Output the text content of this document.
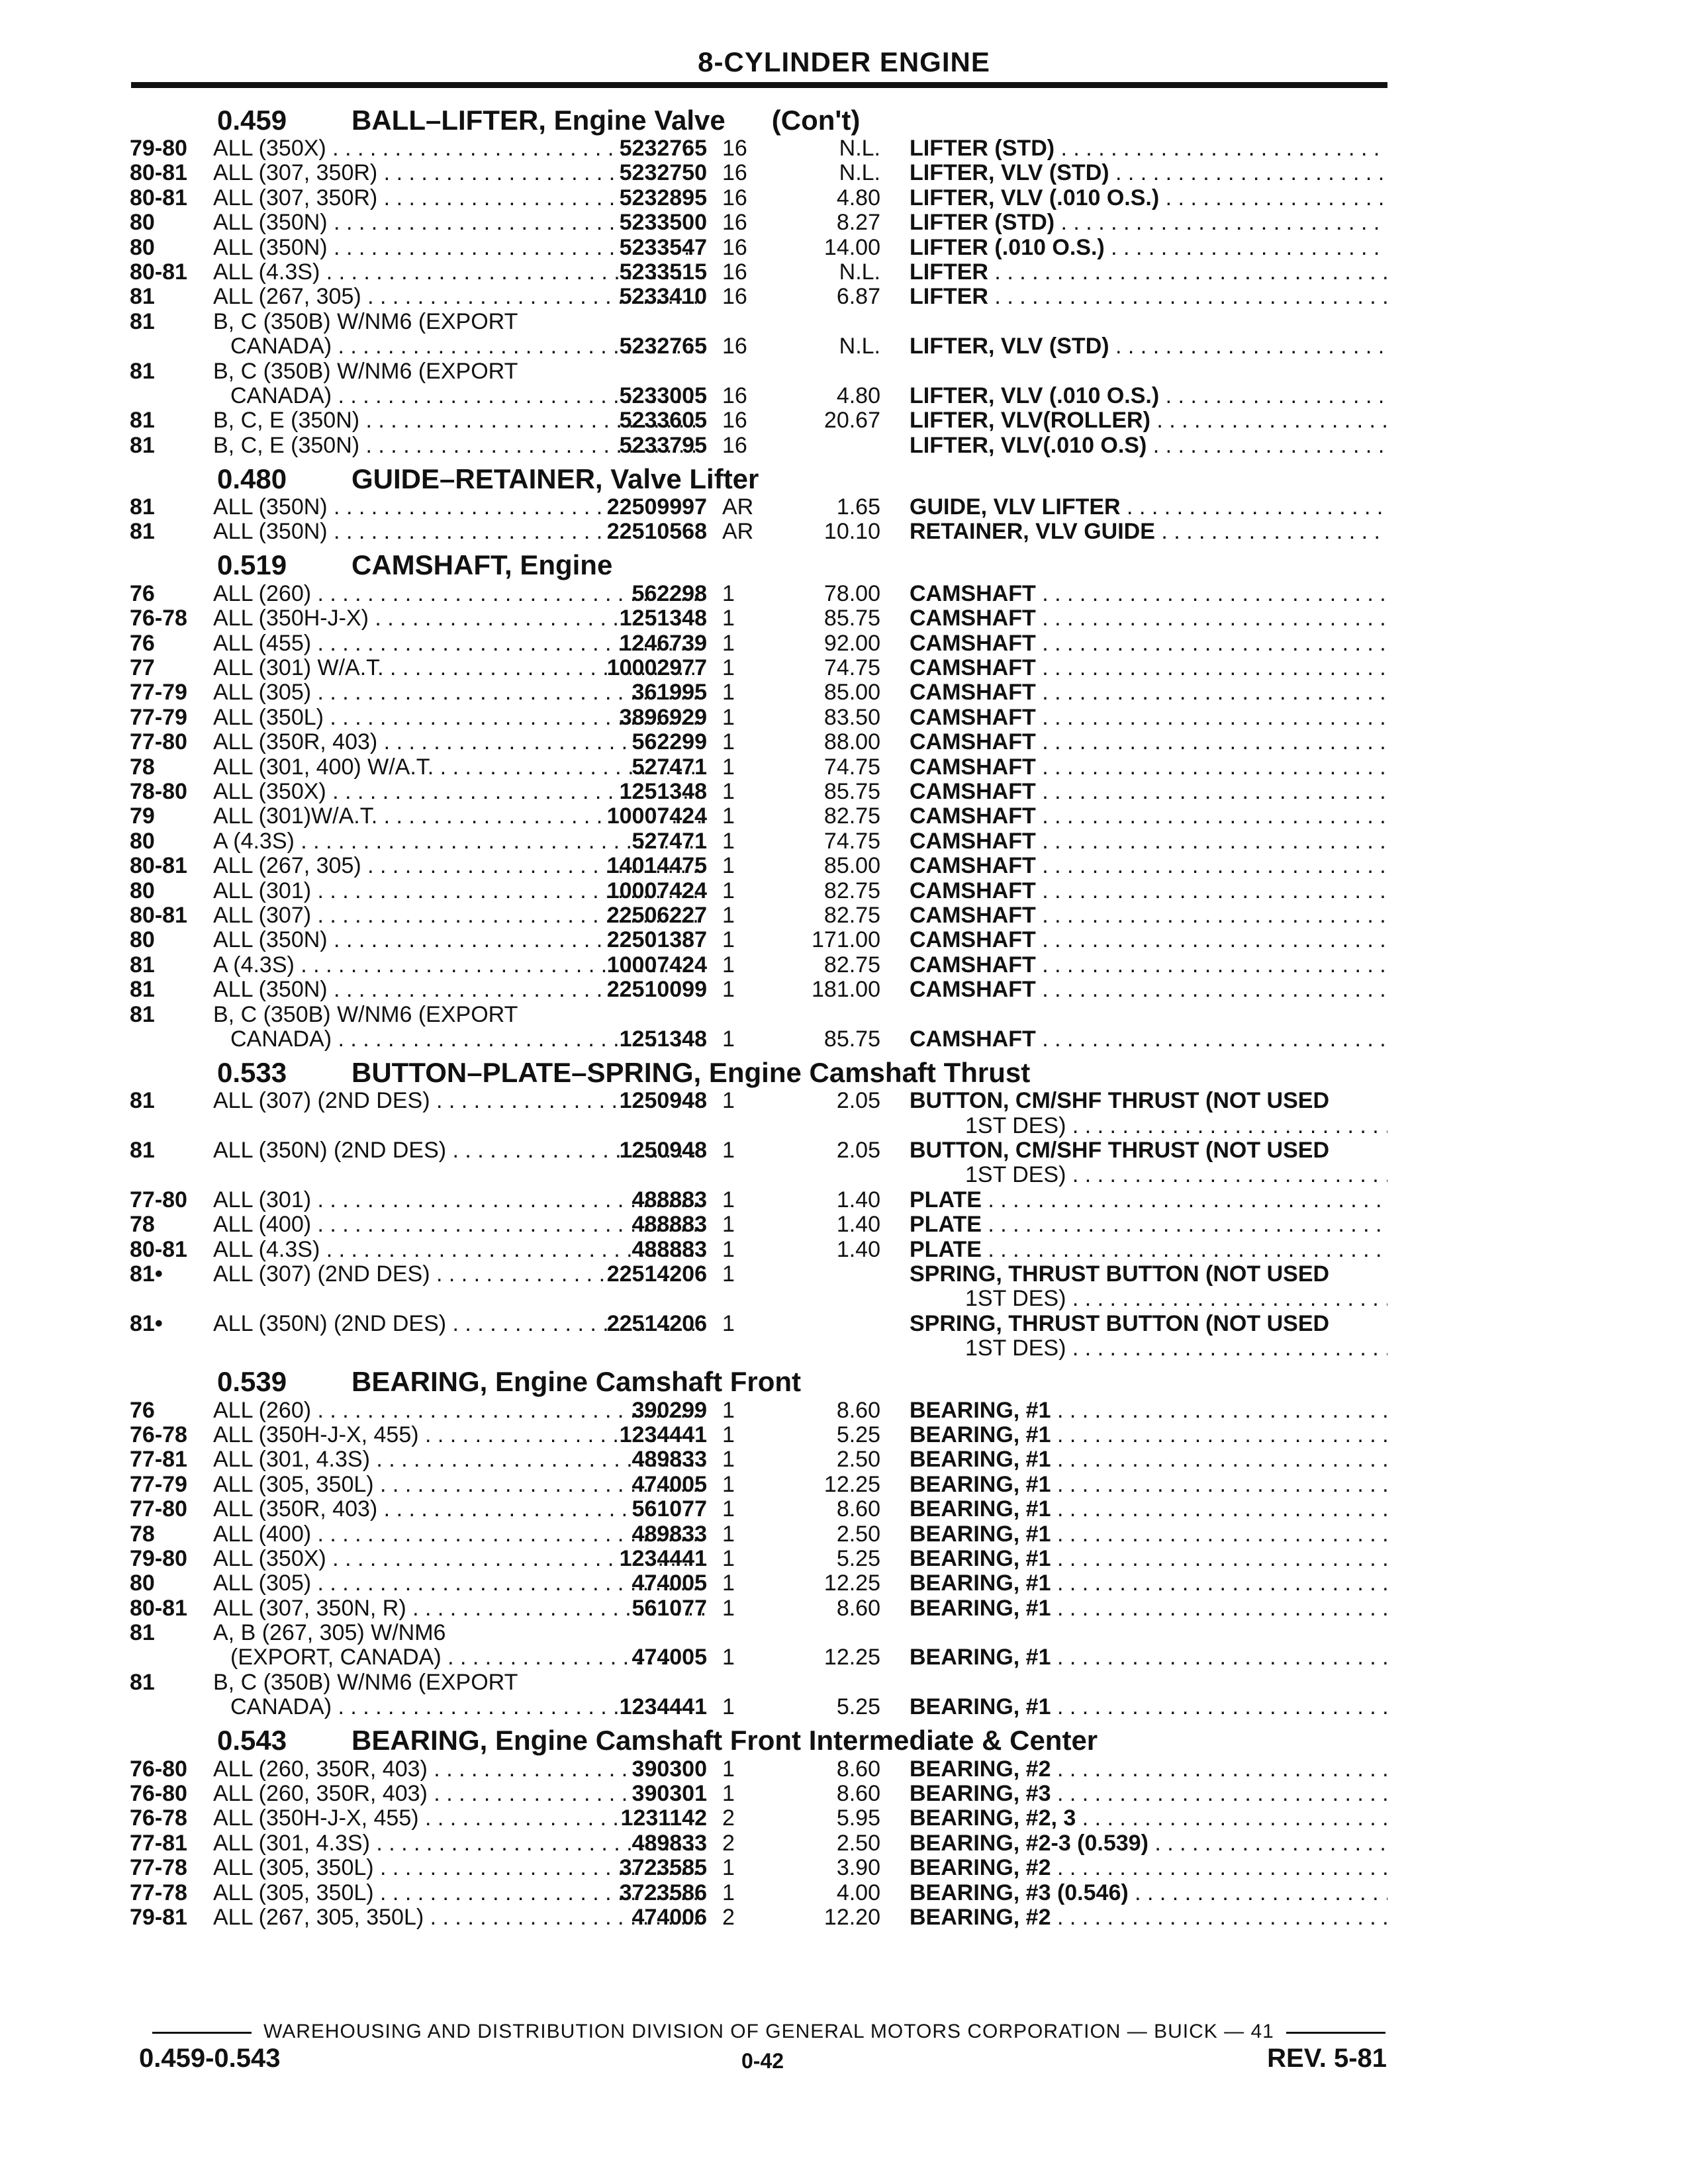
8-CYLINDER ENGINE
0.459 BALL–LIFTER, Engine Valve (Con't)
79-80 ALL (350X) . . .	5232765 16	N.L. LIFTER (STD) . . .
80-81 ALL (307, 350R) . . .	5232750 16	N.L. LIFTER, VLV (STD) . . .
80-81 ALL (307, 350R) . . .	5232895 16	4.80 LIFTER, VLV (.010 O.S.) . . .
80	ALL (350N) . . .	5233500 16	8.27 LIFTER (STD) . . .
80	ALL (350N) . . .	5233547 16	14.00 LIFTER (.010 O.S.) . . .
80-81 ALL (4.3S) . . .	5233515 16	N.L. LIFTER . . .
81	ALL (267, 305) . . .	5233410 16	6.87 LIFTER . . .
81	B, C (350B) W/NM6 (EXPORT
CANADA) . . .	5232765 16	N.L. LIFTER, VLV (STD) . . .
81	B, C (350B) W/NM6 (EXPORT
CANADA) . . .	5233005 16	4.80 LIFTER, VLV (.010 O.S.) . . .
81	B, C, E (350N) . . .	5233605 16	20.67 LIFTER, VLV(ROLLER) . . .
81	B, C, E (350N) . . .	5233795 16	LIFTER, VLV(.010 O.S) . . .
0.480 GUIDE–RETAINER, Valve Lifter
81	ALL (350N) . . .	22509997 AR	1.65 GUIDE, VLV LIFTER . . .
81	ALL (350N) . . .	22510568 AR	10.10 RETAINER, VLV GUIDE . . .
0.519 CAMSHAFT, Engine
76	ALL (260) . . .	562298 1	78.00 CAMSHAFT . . .
76-78 ALL (350H-J-X) . . .	1251348 1	85.75 CAMSHAFT . . .
76	ALL (455) . . .	1246739 1	92.00 CAMSHAFT . . .
77	ALL (301) W/A.T. . . .	10002977 1	74.75 CAMSHAFT . . .
77-79 ALL (305) . . .	361995 1	85.00 CAMSHAFT . . .
77-79 ALL (350L) . . .	3896929 1	83.50 CAMSHAFT . . .
77-80 ALL (350R, 403) . . .	562299 1	88.00 CAMSHAFT . . .
78	ALL (301, 400) W/A.T. . . .	527471 1	74.75 CAMSHAFT . . .
78-80 ALL (350X) . . .	1251348 1	85.75 CAMSHAFT . . .
79	ALL (301)W/A.T. . . .	10007424 1	82.75 CAMSHAFT . . .
80	A (4.3S) . . .	527471 1	74.75 CAMSHAFT . . .
80-81 ALL (267, 305) . . .	14014475 1	85.00 CAMSHAFT . . .
80	ALL (301) . . .	10007424 1	82.75 CAMSHAFT . . .
80-81 ALL (307) . . .	22506227 1	82.75 CAMSHAFT . . .
80	ALL (350N) . . .	22501387 1	171.00 CAMSHAFT . . .
81	A (4.3S) . . .	10007424 1	82.75 CAMSHAFT . . .
81	ALL (350N) . . .	22510099 1	181.00 CAMSHAFT . . .
81	B, C (350B) W/NM6 (EXPORT
CANADA) . . .	1251348 1	85.75 CAMSHAFT . . .
0.533 BUTTON–PLATE–SPRING, Engine Camshaft Thrust
81	ALL (307) (2ND DES) . . .	1250948 1	2.05 BUTTON, CM/SHF THRUST (NOT USED
1ST DES) . . .
81	ALL (350N) (2ND DES) . . .	1250948 1	2.05 BUTTON, CM/SHF THRUST (NOT USED
1ST DES) . . .
77-80 ALL (301) . . .	488883 1	1.40 PLATE . . .
78	ALL (400) . . .	488883 1	1.40 PLATE . . .
80-81 ALL (4.3S) . . .	488883 1	1.40 PLATE . . .
81• ALL (307) (2ND DES) . . .	22514206 1	SPRING, THRUST BUTTON (NOT USED
1ST DES) . . .
81• ALL (350N) (2ND DES) . . .	22514206 1	SPRING, THRUST BUTTON (NOT USED
1ST DES) . . .
0.539 BEARING, Engine Camshaft Front
76	ALL (260) . . .	390299 1	8.60 BEARING, #1 . . .
76-78 ALL (350H-J-X, 455) . . .	1234441 1	5.25 BEARING, #1 . . .
77-81 ALL (301, 4.3S) . . .	489833 1	2.50 BEARING, #1 . . .
77-79 ALL (305, 350L) . . .	474005 1	12.25 BEARING, #1 . . .
77-80 ALL (350R, 403) . . .	561077 1	8.60 BEARING, #1 . . .
78	ALL (400) . . .	489833 1	2.50 BEARING, #1 . . .
79-80 ALL (350X) . . .	1234441 1	5.25 BEARING, #1 . . .
80	ALL (305) . . .	474005 1	12.25 BEARING, #1 . . .
80-81 ALL (307, 350N, R) . . .	561077 1	8.60 BEARING, #1 . . .
81	A, B (267, 305) W/NM6
(EXPORT, CANADA) . . .	474005 1	12.25 BEARING, #1 . . .
81	B, C (350B) W/NM6 (EXPORT
CANADA) . . .	1234441 1	5.25 BEARING, #1 . . .
0.543 BEARING, Engine Camshaft Front Intermediate & Center
76-80 ALL (260, 350R, 403) . . .	390300 1	8.60 BEARING, #2 . . .
76-80 ALL (260, 350R, 403) . . .	390301 1	8.60 BEARING, #3 . . .
76-78 ALL (350H-J-X, 455) . . .	1231142 2	5.95 BEARING, #2, 3 . . .
77-81 ALL (301, 4.3S) . . .	489833 2	2.50 BEARING, #2-3 (0.539) . . .
77-78 ALL (305, 350L) . . .	3723585 1	3.90 BEARING, #2 . . .
77-78 ALL (305, 350L) . . .	3723586 1	4.00 BEARING, #3 (0.546) . . .
79-81 ALL (267, 305, 350L) . . .	474006 2	12.20 BEARING, #2 . . .
WAREHOUSING AND DISTRIBUTION DIVISION OF GENERAL MOTORS CORPORATION — BUICK — 41
0.459-0.543	0-42	REV. 5-81
